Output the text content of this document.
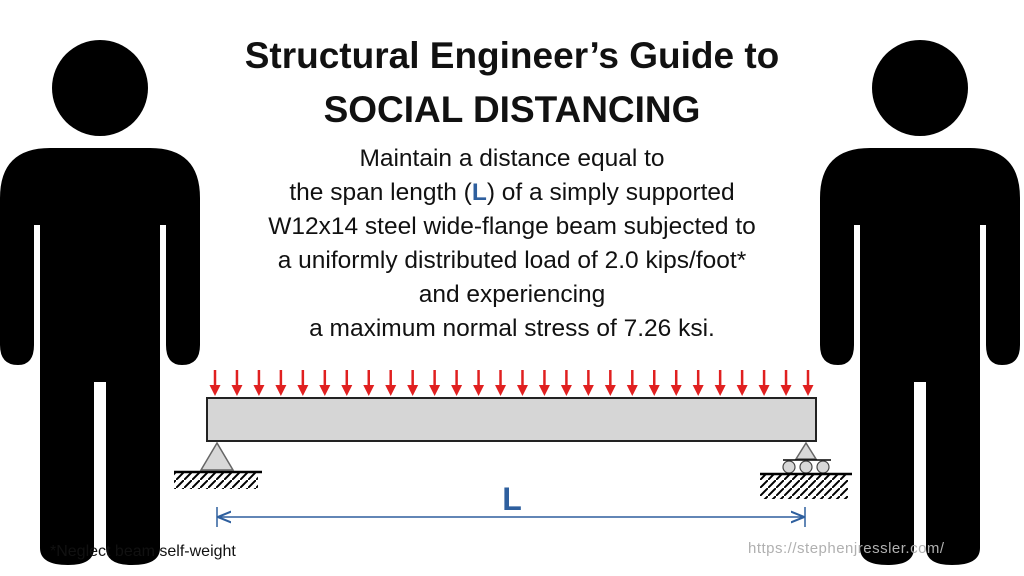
Structural Engineer’s Guide to
SOCIAL DISTANCING
Maintain a distance equal to
the span length (L) of a simply supported
W12x14 steel wide-flange beam subjected to
a uniformly distributed load of 2.0 kips/foot*
and experiencing
a maximum normal stress of 7.26 ksi.
L
*Neglect beam self-weight	https://stephenjressler.com/
